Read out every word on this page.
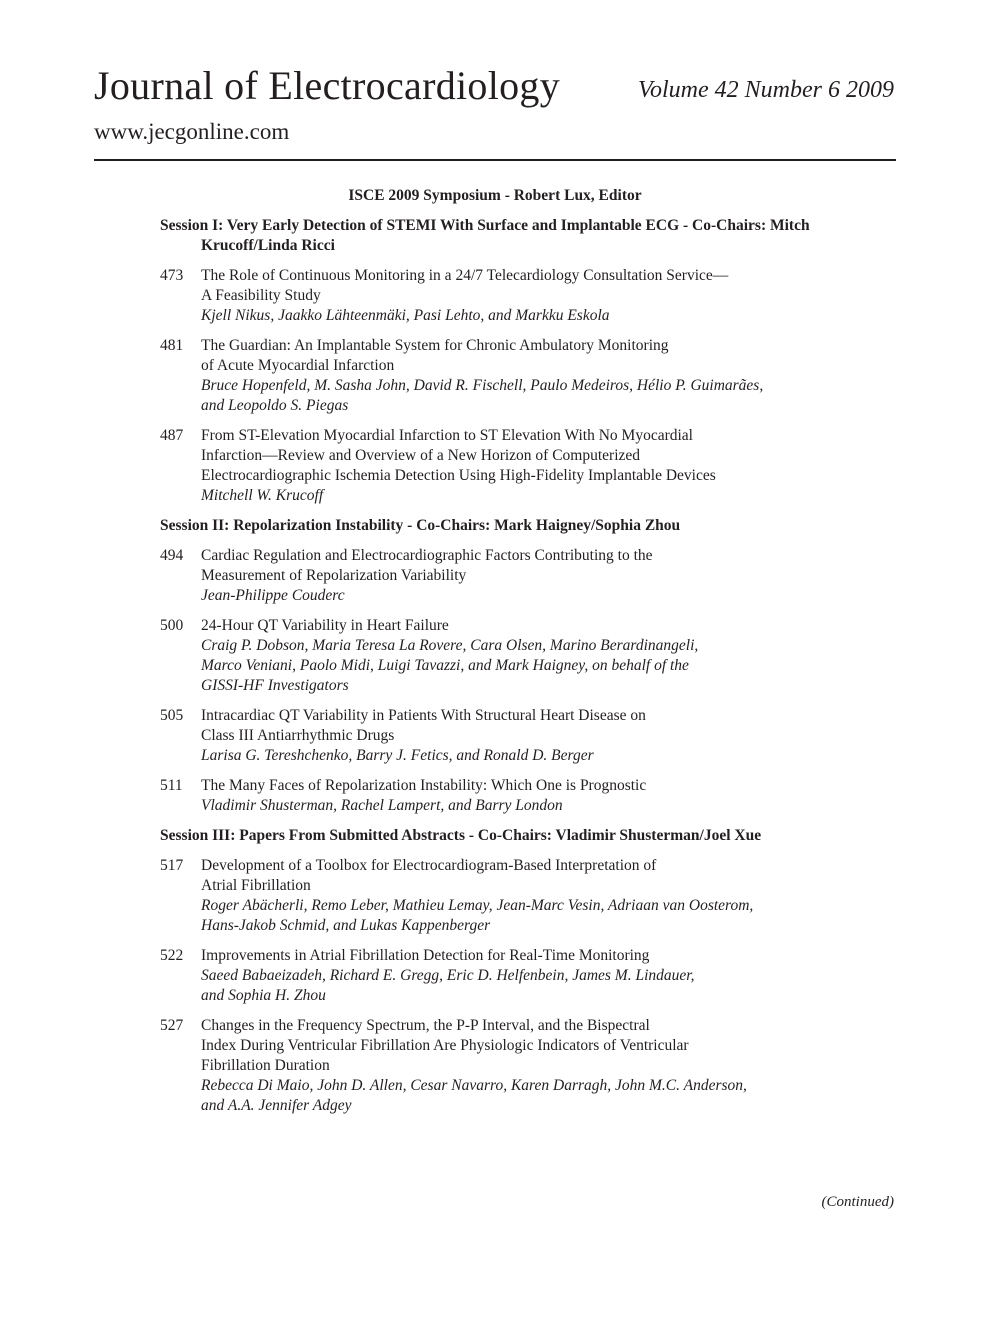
Journal of Electrocardiology	Volume 42 Number 6 2009
www.jecgonline.com
ISCE 2009 Symposium - Robert Lux, Editor
Session I: Very Early Detection of STEMI With Surface and Implantable ECG - Co-Chairs: Mitch Krucoff/Linda Ricci
473 The Role of Continuous Monitoring in a 24/7 Telecardiology Consultation Service—
A Feasibility Study
Kjell Nikus, Jaakko Lähteenmäki, Pasi Lehto, and Markku Eskola
481 The Guardian: An Implantable System for Chronic Ambulatory Monitoring
of Acute Myocardial Infarction
Bruce Hopenfeld, M. Sasha John, David R. Fischell, Paulo Medeiros, Hélio P. Guimarães,
and Leopoldo S. Piegas
487 From ST-Elevation Myocardial Infarction to ST Elevation With No Myocardial
Infarction—Review and Overview of a New Horizon of Computerized
Electrocardiographic Ischemia Detection Using High-Fidelity Implantable Devices
Mitchell W. Krucoff
Session II: Repolarization Instability - Co-Chairs: Mark Haigney/Sophia Zhou
494 Cardiac Regulation and Electrocardiographic Factors Contributing to the
Measurement of Repolarization Variability
Jean-Philippe Couderc
500 24-Hour QT Variability in Heart Failure
Craig P. Dobson, Maria Teresa La Rovere, Cara Olsen, Marino Berardinangeli,
Marco Veniani, Paolo Midi, Luigi Tavazzi, and Mark Haigney, on behalf of the
GISSI-HF Investigators
505 Intracardiac QT Variability in Patients With Structural Heart Disease on
Class III Antiarrhythmic Drugs
Larisa G. Tereshchenko, Barry J. Fetics, and Ronald D. Berger
511 The Many Faces of Repolarization Instability: Which One is Prognostic
Vladimir Shusterman, Rachel Lampert, and Barry London
Session III: Papers From Submitted Abstracts - Co-Chairs: Vladimir Shusterman/Joel Xue
517 Development of a Toolbox for Electrocardiogram-Based Interpretation of
Atrial Fibrillation
Roger Abächerli, Remo Leber, Mathieu Lemay, Jean-Marc Vesin, Adriaan van Oosterom,
Hans-Jakob Schmid, and Lukas Kappenberger
522 Improvements in Atrial Fibrillation Detection for Real-Time Monitoring
Saeed Babaeizadeh, Richard E. Gregg, Eric D. Helfenbein, James M. Lindauer,
and Sophia H. Zhou
527 Changes in the Frequency Spectrum, the P-P Interval, and the Bispectral
Index During Ventricular Fibrillation Are Physiologic Indicators of Ventricular
Fibrillation Duration
Rebecca Di Maio, John D. Allen, Cesar Navarro, Karen Darragh, John M.C. Anderson,
and A.A. Jennifer Adgey
(Continued)
